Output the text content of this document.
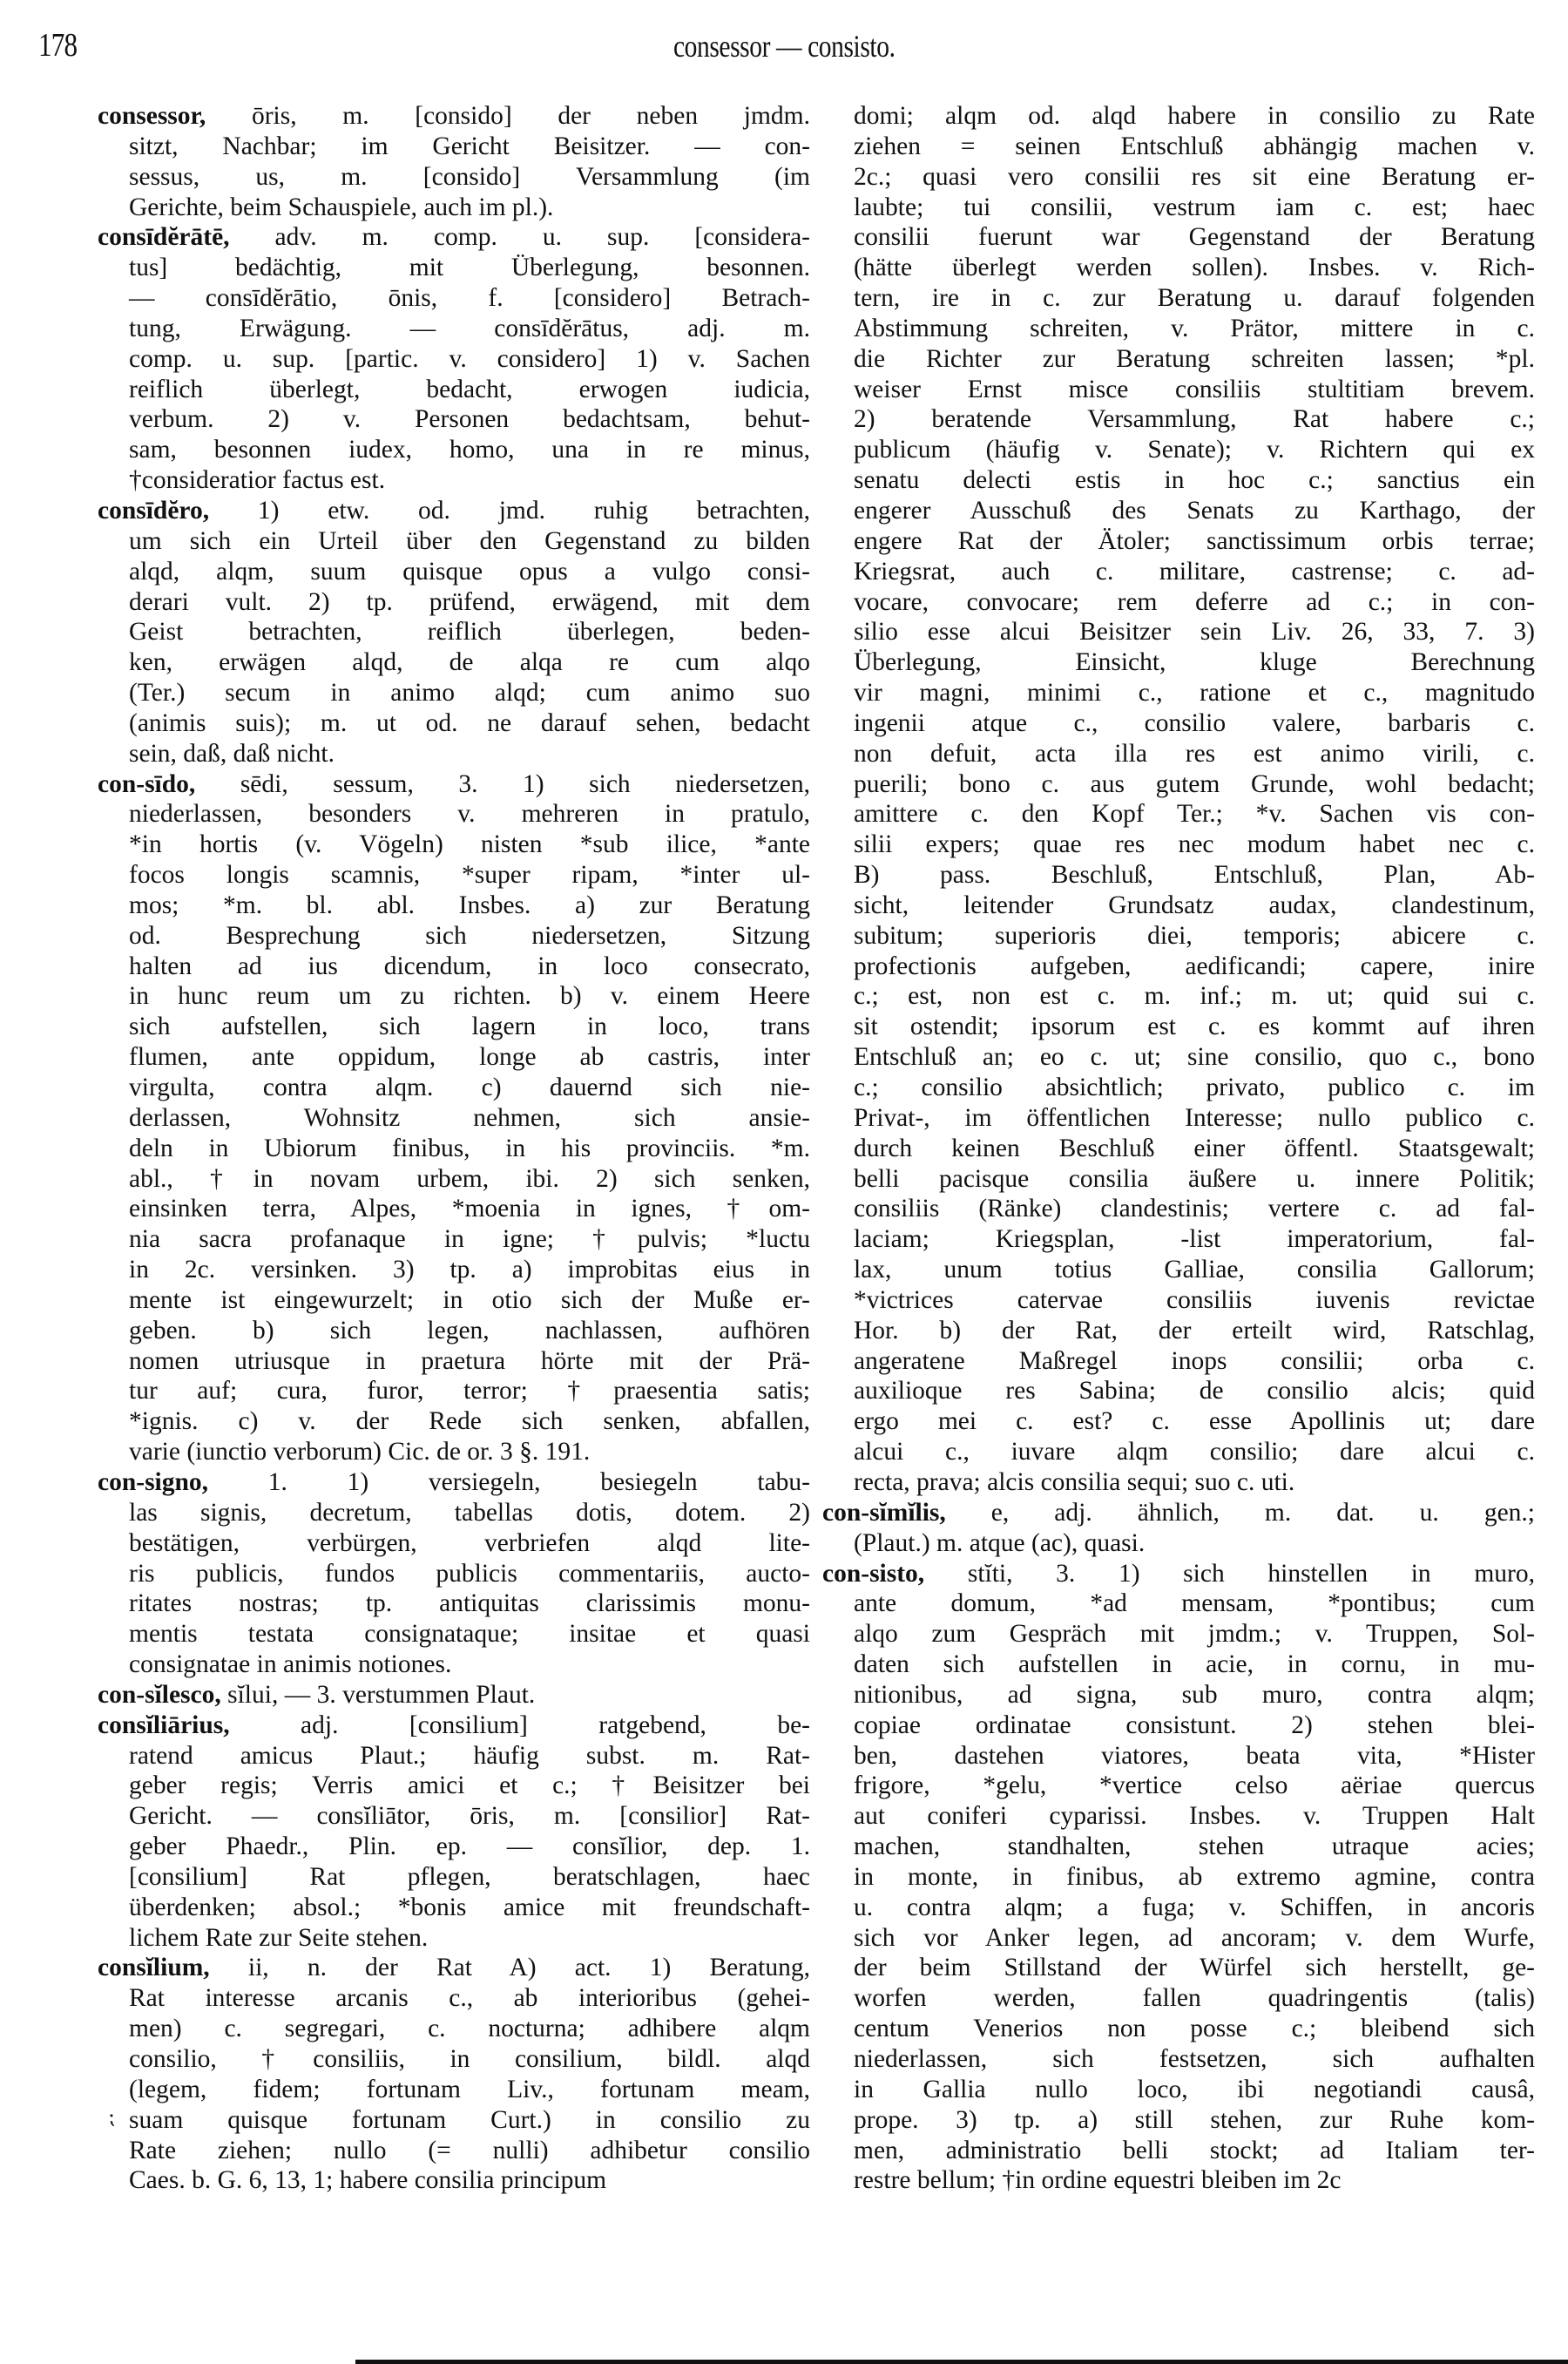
178	consessor — consisto.
consessor, ōris, m. [consido] der neben jmdm.
sitzt, Nachbar; im Gericht Beisitzer. — con-
sessus, us, m. [consido] Versammlung (im
Gerichte, beim Schauspiele, auch im pl.).
consīdĕrātē, adv. m. comp. u. sup. [considera-
tus] bedächtig, mit Überlegung, besonnen.
— consīdĕrātio, ōnis, f. [considero] Betrach-
tung, Erwägung. — consīdĕrātus, adj. m.
comp. u. sup. [partic. v. considero] 1) v. Sachen
reiflich überlegt, bedacht, erwogen iudicia,
verbum. 2) v. Personen bedachtsam, behut-
sam, besonnen iudex, homo, una in re minus,
†consideratior factus est.
consīdĕro, 1) etw. od. jmd. ruhig betrachten,
um sich ein Urteil über den Gegenstand zu bilden
alqd, alqm, suum quisque opus a vulgo consi-
derari vult. 2) tp. prüfend, erwägend, mit dem
Geist betrachten, reiflich überlegen, beden-
ken, erwägen alqd, de alqa re cum alqo
(Ter.) secum in animo alqd; cum animo suo
(animis suis); m. ut od. ne darauf sehen, bedacht
sein, daß, daß nicht.
con-sīdo, sēdi, sessum, 3. 1) sich niedersetzen,
niederlassen, besonders v. mehreren in pratulo,
*in hortis (v. Vögeln) nisten *sub ilice, *ante
focos longis scamnis, *super ripam, *inter ul-
mos; *m. bl. abl. Insbes. a) zur Beratung
od. Besprechung sich niedersetzen, Sitzung
halten ad ius dicendum, in loco consecrato,
in hunc reum um zu richten. b) v. einem Heere
sich aufstellen, sich lagern in loco, trans
flumen, ante oppidum, longe ab castris, inter
virgulta, contra alqm. c) dauernd sich nie-
derlassen, Wohnsitz nehmen, sich ansie-
deln in Ubiorum finibus, in his provinciis. *m.
abl., †in novam urbem, ibi. 2) sich senken,
einsinken terra, Alpes, *moenia in ignes, †om-
nia sacra profanaque in igne; †pulvis; *luctu
in 2c. versinken. 3) tp. a) improbitas eius in
mente ist eingewurzelt; in otio sich der Muße er-
geben. b) sich legen, nachlassen, aufhören
nomen utriusque in praetura hörte mit der Prä-
tur auf; cura, furor, terror; †praesentia satis;
*ignis. c) v. der Rede sich senken, abfallen,
varie (iunctio verborum) Cic. de or. 3 §. 191.
con-signo, 1. 1) versiegeln, besiegeln tabu-
las signis, decretum, tabellas dotis, dotem. 2)
bestätigen, verbürgen, verbriefen alqd lite-
ris publicis, fundos publicis commentariis, aucto-
ritates nostras; tp. antiquitas clarissimis monu-
mentis testata consignataque; insitae et quasi
consignatae in animis notiones.
con-sĭlesco, sĭlui, — 3. verstummen Plaut.
consĭliārius, adj. [consilium] ratgebend, be-
ratend amicus Plaut.; häufig subst. m. Rat-
geber regis; Verris amici et c.; †Beisitzer bei
Gericht. — consĭliātor, ōris, m. [consilior] Rat-
geber Phaedr., Plin. ep. — consĭlior, dep. 1.
[consilium] Rat pflegen, beratschlagen, haec
überdenken; absol.; *bonis amice mit freundschaft-
lichem Rate zur Seite stehen.
consĭlium, ii, n. der Rat A) act. 1) Beratung,
Rat interesse arcanis c., ab interioribus (gehei-
men) c. segregari, c. nocturna; adhibere alqm
consilio, †consiliis, in consilium, bildl. alqd
(legem, fidem; fortunam Liv., fortunam meam,
suam quisque fortunam Curt.) in consilio zu
Rate ziehen; nullo (= nulli) adhibetur consilio
Caes. b. G. 6, 13, 1; habere consilia principum
domi; alqm od. alqd habere in consilio zu Rate
ziehen = seinen Entschluß abhängig machen v.
2c.; quasi vero consilii res sit eine Beratung er-
laubte; tui consilii, vestrum iam c. est; haec
consilii fuerunt war Gegenstand der Beratung
(hätte überlegt werden sollen). Insbes. v. Rich-
tern, ire in c. zur Beratung u. darauf folgenden
Abstimmung schreiten, v. Prätor, mittere in c.
die Richter zur Beratung schreiten lassen; *pl.
weiser Ernst misce consiliis stultitiam brevem.
2) beratende Versammlung, Rat habere c.;
publicum (häufig v. Senate); v. Richtern qui ex
senatu delecti estis in hoc c.; sanctius ein
engerer Ausschuß des Senats zu Karthago, der
engere Rat der Ätoler; sanctissimum orbis terrae;
Kriegsrat, auch c. militare, castrense; c. ad-
vocare, convocare; rem deferre ad c.; in con-
silio esse alcui Beisitzer sein Liv. 26, 33, 7. 3)
Überlegung, Einsicht, kluge Berechnung
vir magni, minimi c., ratione et c., magnitudo
ingenii atque c., consilio valere, barbaris c.
non defuit, acta illa res est animo virili, c.
puerili; bono c. aus gutem Grunde, wohl bedacht;
amittere c. den Kopf Ter.; *v. Sachen vis con-
silii expers; quae res nec modum habet nec c.
B) pass. Beschluß, Entschluß, Plan, Ab-
sicht, leitender Grundsatz audax, clandestinum,
subitum; superioris diei, temporis; abicere c.
profectionis aufgeben, aedificandi; capere, inire
c.; est, non est c. m. inf.; m. ut; quid sui c.
sit ostendit; ipsorum est c. es kommt auf ihren
Entschluß an; eo c. ut; sine consilio, quo c., bono
c.; consilio absichtlich; privato, publico c. im
Privat-, im öffentlichen Interesse; nullo publico c.
durch keinen Beschluß einer öffentl. Staatsgewalt;
belli pacisque consilia äußere u. innere Politik;
consiliis (Ränke) clandestinis; vertere c. ad fal-
laciam; Kriegsplan, -list imperatorium, fal-
lax, unum totius Galliae, consilia Gallorum;
*victrices catervae consiliis iuvenis revictae
Hor. b) der Rat, der erteilt wird, Ratschlag,
angeratene Maßregel inops consilii; orba c.
auxilioque res Sabina; de consilio alcis; quid
ergo mei c. est? c. esse Apollinis ut; dare
alcui c., iuvare alqm consilio; dare alcui c.
recta, prava; alcis consilia sequi; suo c. uti.
con-sĭmĭlis, e, adj. ähnlich, m. dat. u. gen.;
(Plaut.) m. atque (ac), quasi.
con-sisto, stĭti, 3. 1) sich hinstellen in muro,
ante domum, *ad mensam, *pontibus; cum
alqo zum Gespräch mit jmdm.; v. Truppen, Sol-
daten sich aufstellen in acie, in cornu, in mu-
nitionibus, ad signa, sub muro, contra alqm;
copiae ordinatae consistunt. 2) stehen blei-
ben, dastehen viatores, beata vita, *Hister
frigore, *gelu, *vertice celso aëriae quercus
aut coniferi cyparissi. Insbes. v. Truppen Halt
machen, standhalten, stehen utraque acies;
in monte, in finibus, ab extremo agmine, contra
u. contra alqm; a fuga; v. Schiffen, in ancoris
sich vor Anker legen, ad ancoram; v. dem Wurfe,
der beim Stillstand der Würfel sich herstellt, ge-
worfen werden, fallen quadringentis (talis)
centum Venerios non posse c.; bleibend sich
niederlassen, sich festsetzen, sich aufhalten
in Gallia nullo loco, ibi negotiandi causâ,
prope. 3) tp. a) still stehen, zur Ruhe kom-
men, administratio belli stockt; ad Italiam ter-
restre bellum; †in ordine equestri bleiben im 2c
⁏
